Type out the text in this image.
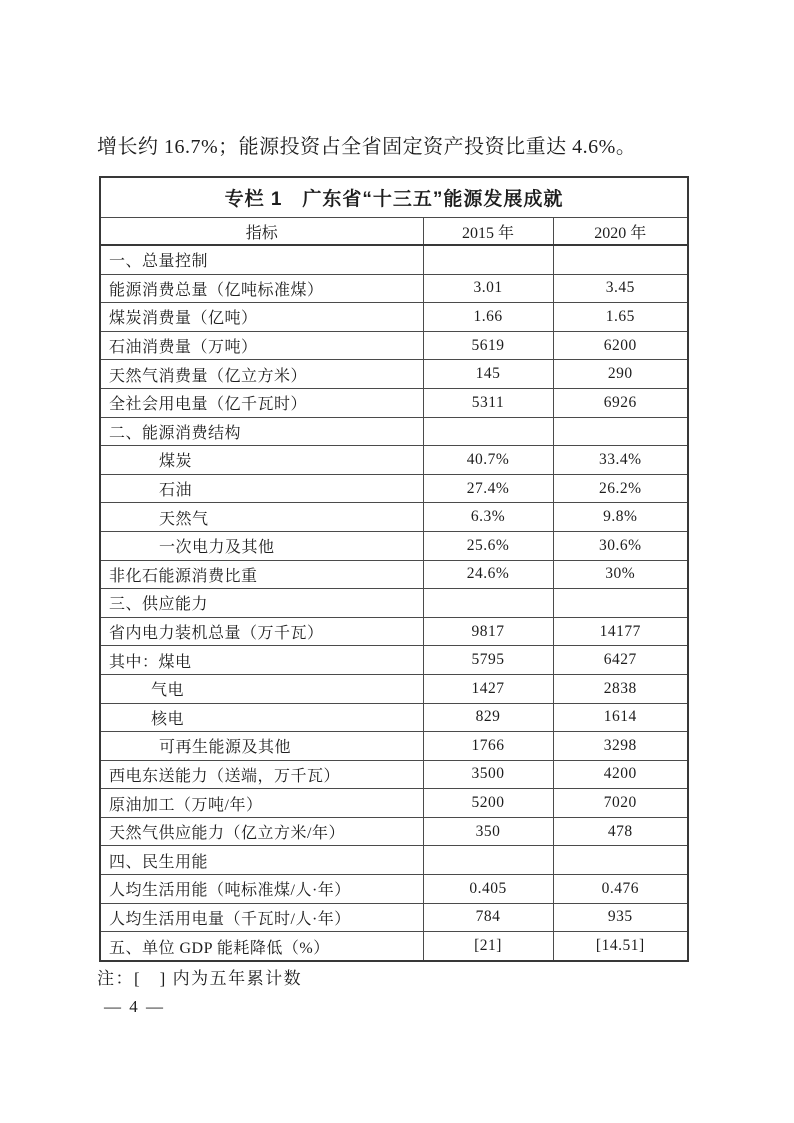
增长约 16.7%；能源投资占全省固定资产投资比重达 4.6%。
专栏 1　广东省“十三五”能源发展成就		
指标	2015 年	2020 年
一、总量控制		
能源消费总量（亿吨标准煤）	3.01	3.45
煤炭消费量（亿吨）	1.66	1.65
石油消费量（万吨）	5619	6200
天然气消费量（亿立方米）	145	290
全社会用电量（亿千瓦时）	5311	6926
二、能源消费结构		
煤炭	40.7%	33.4%
石油	27.4%	26.2%
天然气	6.3%	9.8%
一次电力及其他	25.6%	30.6%
非化石能源消费比重	24.6%	30%
三、供应能力		
省内电力装机总量（万千瓦）	9817	14177
其中：煤电	5795	6427
气电	1427	2838
核电	829	1614
可再生能源及其他	1766	3298
西电东送能力（送端，万千瓦）	3500	4200
原油加工（万吨/年）	5200	7020
天然气供应能力（亿立方米/年）	350	478
四、民生用能		
人均生活用能（吨标准煤/人·年）	0.405	0.476
人均生活用电量（千瓦时/人·年）	784	935
五、单位 GDP 能耗降低（%）	[21]	[14.51]
注：[　] 内为五年累计数
— 4 —
